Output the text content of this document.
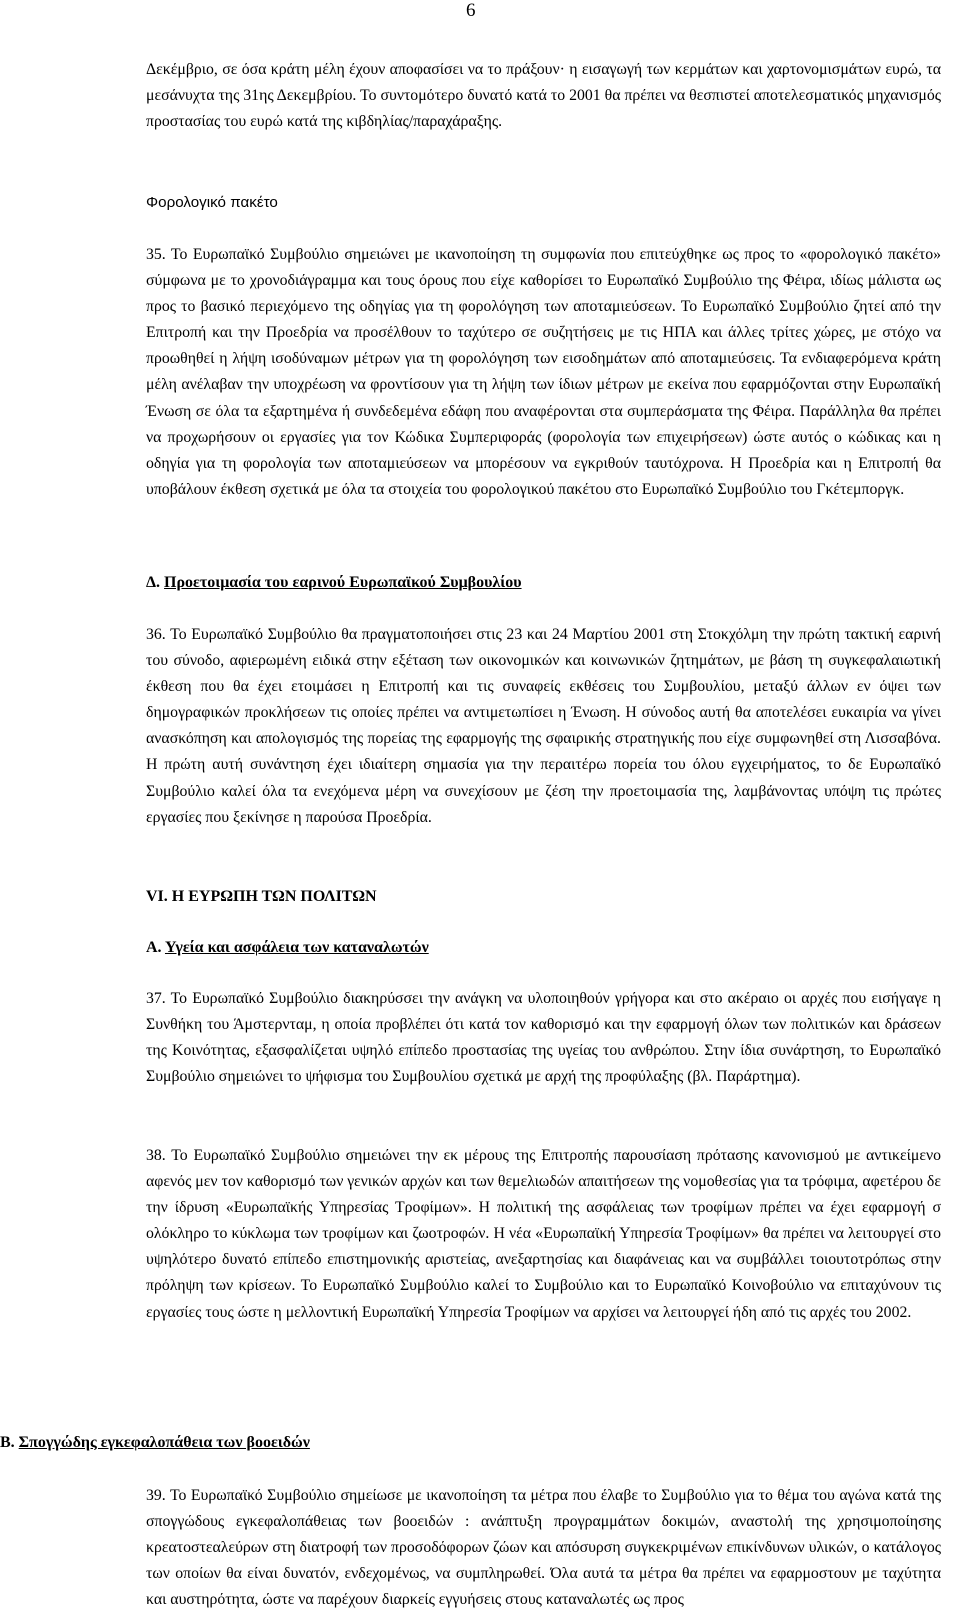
6

Δεκέμβριο, σε όσα κράτη μέλη έχουν αποφασίσει να το πράξουν· η εισαγωγή των κερμάτων και χαρτονομισμάτων ευρώ, τα μεσάνυχτα της 31ης Δεκεμβρίου. Το συντομότερο δυνατό κατά το 2001 θα πρέπει να θεσπιστεί αποτελεσματικός μηχανισμός προστασίας του ευρώ κατά της κιβδηλίας/παραχάραξης.

Φορολογικό πακέτο

35. Το Ευρωπαϊκό Συμβούλιο σημειώνει με ικανοποίηση τη συμφωνία που επιτεύχθηκε ως προς το «φορολογικό πακέτο» σύμφωνα με το χρονοδιάγραμμα και τους όρους που είχε καθορίσει το Ευρωπαϊκό Συμβούλιο της Φέιρα, ιδίως μάλιστα ως προς το βασικό περιεχόμενο της οδηγίας για τη φορολόγηση των αποταμιεύσεων. Το Ευρωπαϊκό Συμβούλιο ζητεί από την Επιτροπή και την Προεδρία να προσέλθουν το ταχύτερο σε συζητήσεις με τις ΗΠΑ και άλλες τρίτες χώρες, με στόχο να προωθηθεί η λήψη ισοδύναμων μέτρων για τη φορολόγηση των εισοδημάτων από αποταμιεύσεις. Τα ενδιαφερόμενα κράτη μέλη ανέλαβαν την υποχρέωση να φροντίσουν για τη λήψη των ίδιων μέτρων με εκείνα που εφαρμόζονται στην Ευρωπαϊκή Ένωση σε όλα τα εξαρτημένα ή συνδεδεμένα εδάφη που αναφέρονται στα συμπεράσματα της Φέιρα. Παράλληλα θα πρέπει να προχωρήσουν οι εργασίες για τον Κώδικα Συμπεριφοράς (φορολογία των επιχειρήσεων) ώστε αυτός ο κώδικας και η οδηγία για τη φορολογία των αποταμιεύσεων να μπορέσουν να εγκριθούν ταυτόχρονα. Η Προεδρία και η Επιτροπή θα υποβάλουν έκθεση σχετικά με όλα τα στοιχεία του φορολογικού πακέτου στο Ευρωπαϊκό Συμβούλιο του Γκέτεμποργκ.

Δ. Προετοιμασία του εαρινού Ευρωπαϊκού Συμβουλίου

36. Το Ευρωπαϊκό Συμβούλιο θα πραγματοποιήσει στις 23 και 24 Μαρτίου 2001 στη Στοκχόλμη την πρώτη τακτική εαρινή του σύνοδο, αφιερωμένη ειδικά στην εξέταση των οικονομικών και κοινωνικών ζητημάτων, με βάση τη συγκεφαλαιωτική έκθεση που θα έχει ετοιμάσει η Επιτροπή και τις συναφείς εκθέσεις του Συμβουλίου, μεταξύ άλλων εν όψει των δημογραφικών προκλήσεων τις οποίες πρέπει να αντιμετωπίσει η Ένωση. Η σύνοδος αυτή θα αποτελέσει ευκαιρία να γίνει ανασκόπηση και απολογισμός της πορείας της εφαρμογής της σφαιρικής στρατηγικής που είχε συμφωνηθεί στη Λισσαβόνα. Η πρώτη αυτή συνάντηση έχει ιδιαίτερη σημασία για την περαιτέρω πορεία του όλου εγχειρήματος, το δε Ευρωπαϊκό Συμβούλιο καλεί όλα τα ενεχόμενα μέρη να συνεχίσουν με ζέση την προετοιμασία της, λαμβάνοντας υπόψη τις πρώτες εργασίες που ξεκίνησε η παρούσα Προεδρία.

VI. Η ΕΥΡΩΠΗ ΤΩΝ ΠΟΛΙΤΩΝ
Α. Υγεία και ασφάλεια των καταναλωτών

37. Το Ευρωπαϊκό Συμβούλιο διακηρύσσει την ανάγκη να υλοποιηθούν γρήγορα και στο ακέραιο οι αρχές που εισήγαγε η Συνθήκη του Άμστερνταμ, η οποία προβλέπει ότι κατά τον καθορισμό και την εφαρμογή όλων των πολιτικών και δράσεων της Κοινότητας, εξασφαλίζεται υψηλό επίπεδο προστασίας της υγείας του ανθρώπου. Στην ίδια συνάρτηση, το Ευρωπαϊκό Συμβούλιο σημειώνει το ψήφισμα του Συμβουλίου σχετικά με αρχή της προφύλαξης (βλ. Παράρτημα).

38. Το Ευρωπαϊκό Συμβούλιο σημειώνει την εκ μέρους της Επιτροπής παρουσίαση πρότασης κανονισμού με αντικείμενο αφενός μεν τον καθορισμό των γενικών αρχών και των θεμελιωδών απαιτήσεων της νομοθεσίας για τα τρόφιμα, αφετέρου δε την ίδρυση «Ευρωπαϊκής Υπηρεσίας Τροφίμων». Η πολιτική της ασφάλειας των τροφίμων πρέπει να έχει εφαρμογή σ ολόκληρο το κύκλωμα των τροφίμων και ζωοτροφών. Η νέα «Ευρωπαϊκή Υπηρεσία Τροφίμων» θα πρέπει να λειτουργεί στο υψηλότερο δυνατό επίπεδο επιστημονικής αριστείας, ανεξαρτησίας και διαφάνειας και να συμβάλλει τοιουτοτρόπως στην πρόληψη των κρίσεων. Το Ευρωπαϊκό Συμβούλιο καλεί το Συμβούλιο και το Ευρωπαϊκό Κοινοβούλιο να επιταχύνουν τις εργασίες τους ώστε η μελλοντική Ευρωπαϊκή Υπηρεσία Τροφίμων να αρχίσει να λειτουργεί ήδη από τις αρχές του 2002.

Β. Σπογγώδης εγκεφαλοπάθεια των βοοειδών

39. Το Ευρωπαϊκό Συμβούλιο σημείωσε με ικανοποίηση τα μέτρα που έλαβε το Συμβούλιο για το θέμα του αγώνα κατά της σπογγώδους εγκεφαλοπάθειας των βοοειδών : ανάπτυξη προγραμμάτων δοκιμών, αναστολή της χρησιμοποίησης κρεατοστεαλεύρων στη διατροφή των προσοδόφορων ζώων και απόσυρση συγκεκριμένων επικίνδυνων υλικών, ο κατάλογος των οποίων θα είναι δυνατόν, ενδεχομένως, να συμπληρωθεί. Όλα αυτά τα μέτρα θα πρέπει να εφαρμοστουν με ταχύτητα και αυστηρότητα, ώστε να παρέχουν διαρκείς εγγυήσεις στους καταναλωτές ως προς
